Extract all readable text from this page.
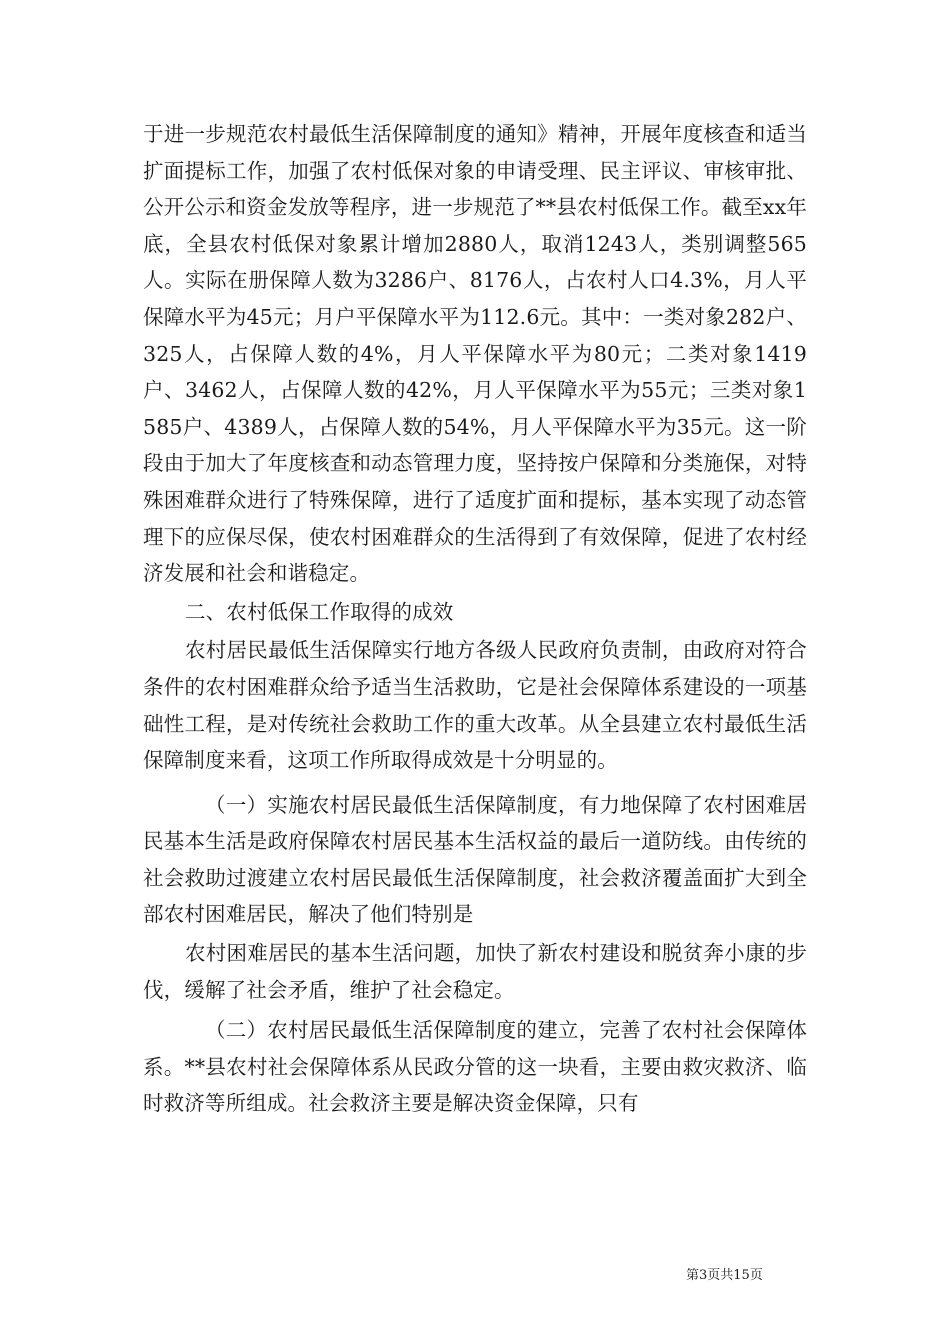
于进一步规范农村最低生活保障制度的通知》精神，开展年度核查和适当扩面提标工作，加强了农村低保对象的申请受理、民主评议、审核审批、公开公示和资金发放等程序，进一步规范了**县农村低保工作。截至xx年底，全县农村低保对象累计增加2880人，取消1243人，类别调整565人。实际在册保障人数为3286户、8176人，占农村人口4.3%，月人平保障水平为45元；月户平保障水平为112.6元。其中：一类对象282户、325人，占保障人数的4%，月人平保障水平为80元；二类对象1419户、3462人，占保障人数的42%，月人平保障水平为55元；三类对象1585户、4389人，占保障人数的54%，月人平保障水平为35元。这一阶段由于加大了年度核查和动态管理力度，坚持按户保障和分类施保，对特殊困难群众进行了特殊保障，进行了适度扩面和提标，基本实现了动态管理下的应保尽保，使农村困难群众的生活得到了有效保障，促进了农村经济发展和社会和谐稳定。

二、农村低保工作取得的成效

农村居民最低生活保障实行地方各级人民政府负责制，由政府对符合条件的农村困难群众给予适当生活救助，它是社会保障体系建设的一项基础性工程，是对传统社会救助工作的重大改革。从全县建立农村最低生活保障制度来看，这项工作所取得成效是十分明显的。

（一）实施农村居民最低生活保障制度，有力地保障了农村困难居民基本生活是政府保障农村居民基本生活权益的最后一道防线。由传统的社会救助过渡建立农村居民最低生活保障制度，社会救济覆盖面扩大到全部农村困难居民，解决了他们特别是

农村困难居民的基本生活问题，加快了新农村建设和脱贫奔小康的步伐，缓解了社会矛盾，维护了社会稳定。

（二）农村居民最低生活保障制度的建立，完善了农村社会保障体系。**县农村社会保障体系从民政分管的这一块看，主要由救灾救济、临时救济等所组成。社会救济主要是解决资金保障，只有

第3页共15页
